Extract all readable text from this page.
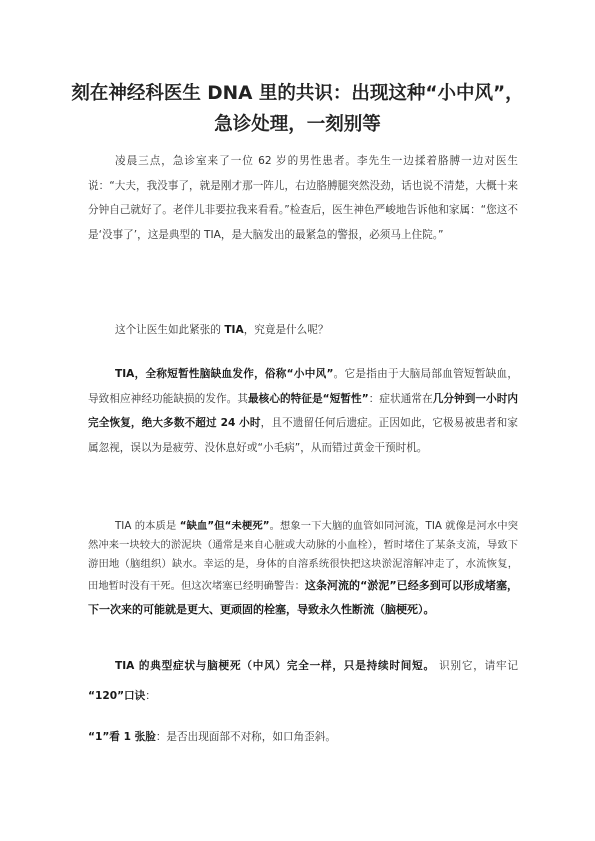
刻在神经科医生 DNA 里的共识：出现这种“小中风”，
急诊处理，一刻别等

凌晨三点，急诊室来了一位 62 岁的男性患者。李先生一边揉着胳膊一边对医生说：“大夫，我没事了，就是刚才那一阵儿，右边胳膊腿突然没劲，话也说不清楚，大概十来分钟自己就好了。老伴儿非要拉我来看看。”检查后，医生神色严峻地告诉他和家属：“您这不是‘没事了’，这是典型的 TIA，是大脑发出的最紧急的警报，必须马上住院。”

这个让医生如此紧张的 TIA，究竟是什么呢？

TIA，全称短暂性脑缺血发作，俗称“小中风”。它是指由于大脑局部血管短暂缺血，导致相应神经功能缺损的发作。其最核心的特征是“短暂性”：症状通常在几分钟到一小时内完全恢复，绝大多数不超过 24 小时，且不遗留任何后遗症。正因如此，它极易被患者和家属忽视，误以为是疲劳、没休息好或“小毛病”，从而错过黄金干预时机。

TIA 的本质是 “缺血”但“未梗死”。想象一下大脑的血管如同河流，TIA 就像是河水中突然冲来一块较大的淤泥块（通常是来自心脏或大动脉的小血栓），暂时堵住了某条支流，导致下游田地（脑组织）缺水。幸运的是，身体的自溶系统很快把这块淤泥溶解冲走了，水流恢复，田地暂时没有干死。但这次堵塞已经明确警告：这条河流的“淤泥”已经多到可以形成堵塞，下一次来的可能就是更大、更顽固的栓塞，导致永久性断流（脑梗死）。

TIA 的典型症状与脑梗死（中风）完全一样，只是持续时间短。 识别它，请牢记 “120”口诀：

“1”看 1 张脸：是否出现面部不对称，如口角歪斜。
